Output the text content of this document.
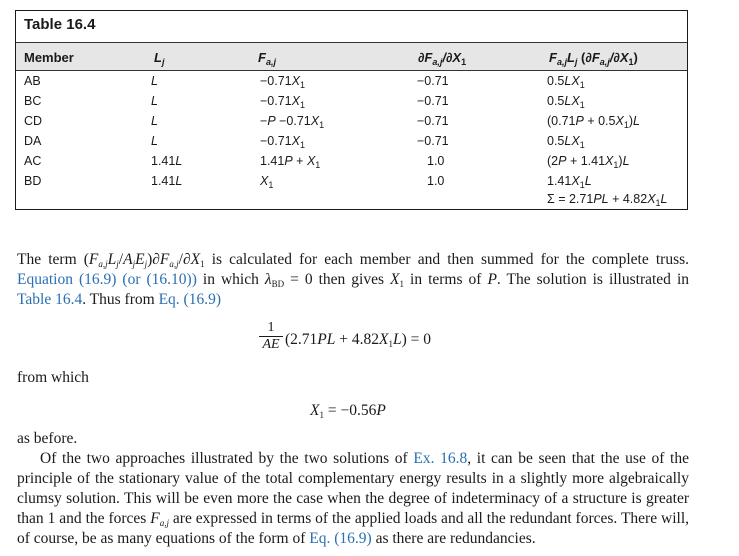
Table 16.4
Member	$L_j$	$F_{a,j}$	$\partial F_{a,j}/\partial X_1$	$F_{a,j}L_j$ $(\partial F_{a,j}/\partial X_1)$
AB	L	$-0.71X_1$	−0.71	$0.5LX_1$
BC	L	$-0.71X_1$	−0.71	$0.5LX_1$
CD	L	$-P -0.71X_1$	−0.71	$(0.71P + 0.5X_1)L$
DA	L	$-0.71X_1$	−0.71	$0.5LX_1$
AC	1.41L	$1.41P + X_1$	1.0	$(2P + 1.41X_1)L$
BD	1.41L	$X_1$	1.0	$1.41X_1L$
$\Sigma = 2.71PL + 4.82X_1L$
The term $(F_{a,j}L_j/A_jE_j)\partial F_{a,j}/\partial X_1$ is calculated for each member and then summed for the complete truss.
Equation (16.9) (or (16.10)) in which $\lambda_{BD} = 0$ then gives $X_1$ in terms of P. The solution is illustrated in
Table 16.4. Thus from Eq. (16.9)
$\frac{1}{AE} (2.71PL + 4.82X_1L) = 0$
from which
$X_1 = -0.56P$
as before.
Of the two approaches illustrated by the two solutions of Ex. 16.8, it can be seen that the use of the
principle of the stationary value of the total complementary energy results in a slightly more algebraically
clumsy solution. This will be even more the case when the degree of indeterminacy of a structure is greater
than 1 and the forces $F_{a,j}$ are expressed in terms of the applied loads and all the redundant forces. There will,
of course, be as many equations of the form of Eq. (16.9) as there are redundancies.
